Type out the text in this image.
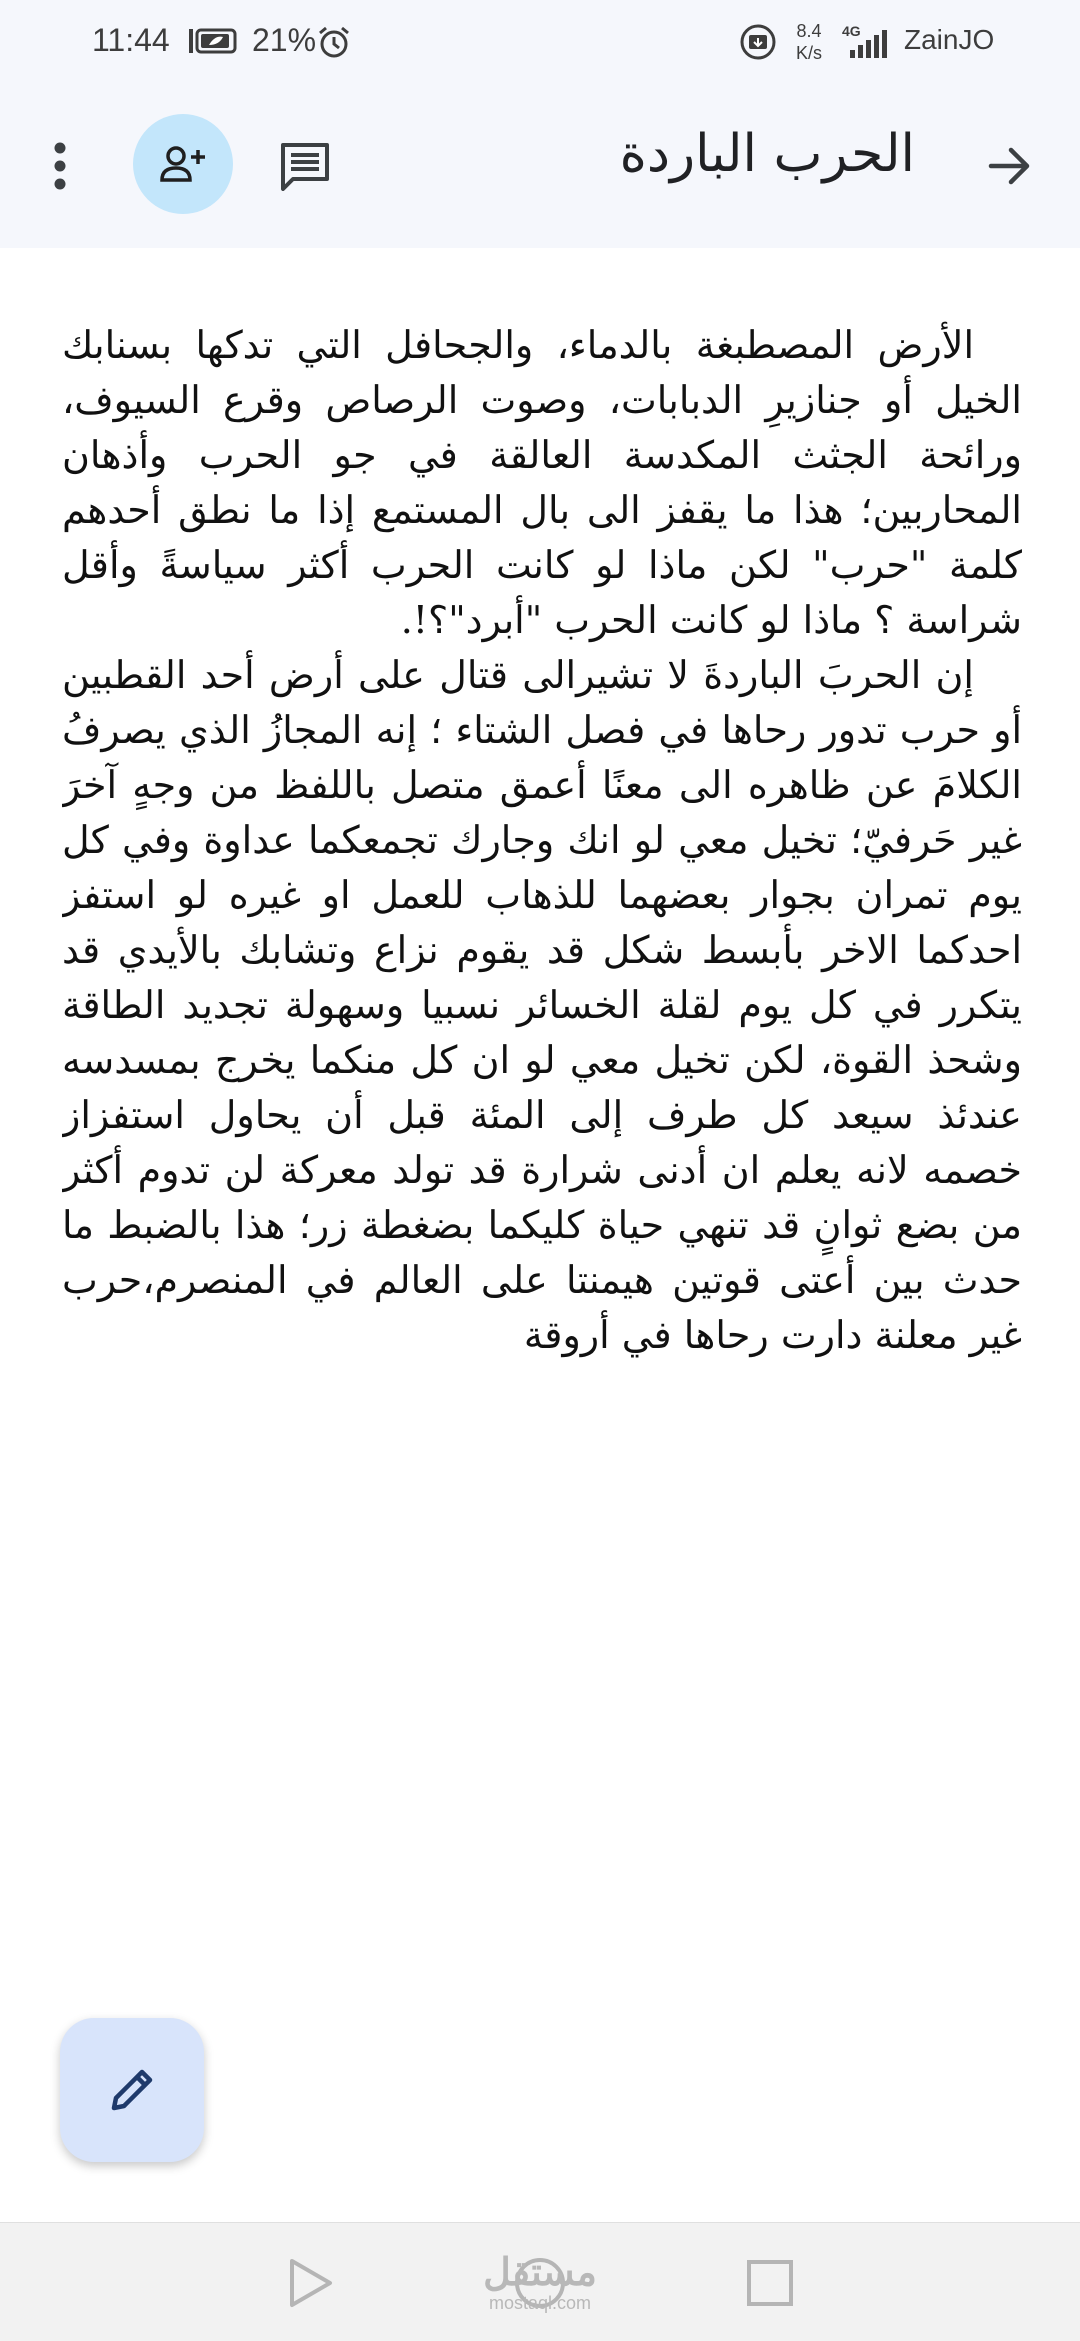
11:44	21%	8.4
K/s
4G ZainJO
الحرب الباردة

الأرض المصطبغة بالدماء، والجحافل التي تدكها بسنابك الخيل أو جنازيرِ الدبابات، وصوت الرصاص وقرع السيوف، ورائحة الجثث المكدسة العالقة في جو الحرب وأذهان المحاربين؛ هذا ما يقفز الى بال المستمع إذا ما نطق أحدهم كلمة "حرب" لكن ماذا لو كانت الحرب أكثر سياسةً وأقل شراسة ؟ ماذا لو كانت الحرب "أبرد"؟!.

إن الحربَ الباردةَ لا تشيرالى قتال على أرض أحد القطبين أو حرب تدور رحاها في فصل الشتاء ؛ إنه المجازُ الذي يصرفُ الكلامَ عن ظاهره الى معنًا أعمق متصل باللفظ من وجهٍ آخرَ غير حَرفيّ؛ تخيل معي لو انك وجارك تجمعكما عداوة وفي كل يوم تمران بجوار بعضهما للذهاب للعمل او غيره لو استفز احدكما الاخر بأبسط شكل قد يقوم نزاع وتشابك بالأيدي قد يتكرر في كل يوم لقلة الخسائر نسبيا وسهولة تجديد الطاقة وشحذ القوة، لكن تخيل معي لو ان كل منكما يخرج بمسدسه عندئذ سيعد كل طرف إلى المئة قبل أن يحاول استفزاز خصمه لانه يعلم ان أدنى شرارة قد تولد معركة لن تدوم أكثر من بضع ثوانٍ قد تنهي حياة كليكما بضغطة زر؛ هذا بالضبط ما حدث بين أعتى قوتين هيمنتا على العالم في المنصرم،حرب غير معلنة دارت رحاها في أروقة

مستقل
mostaql.com
